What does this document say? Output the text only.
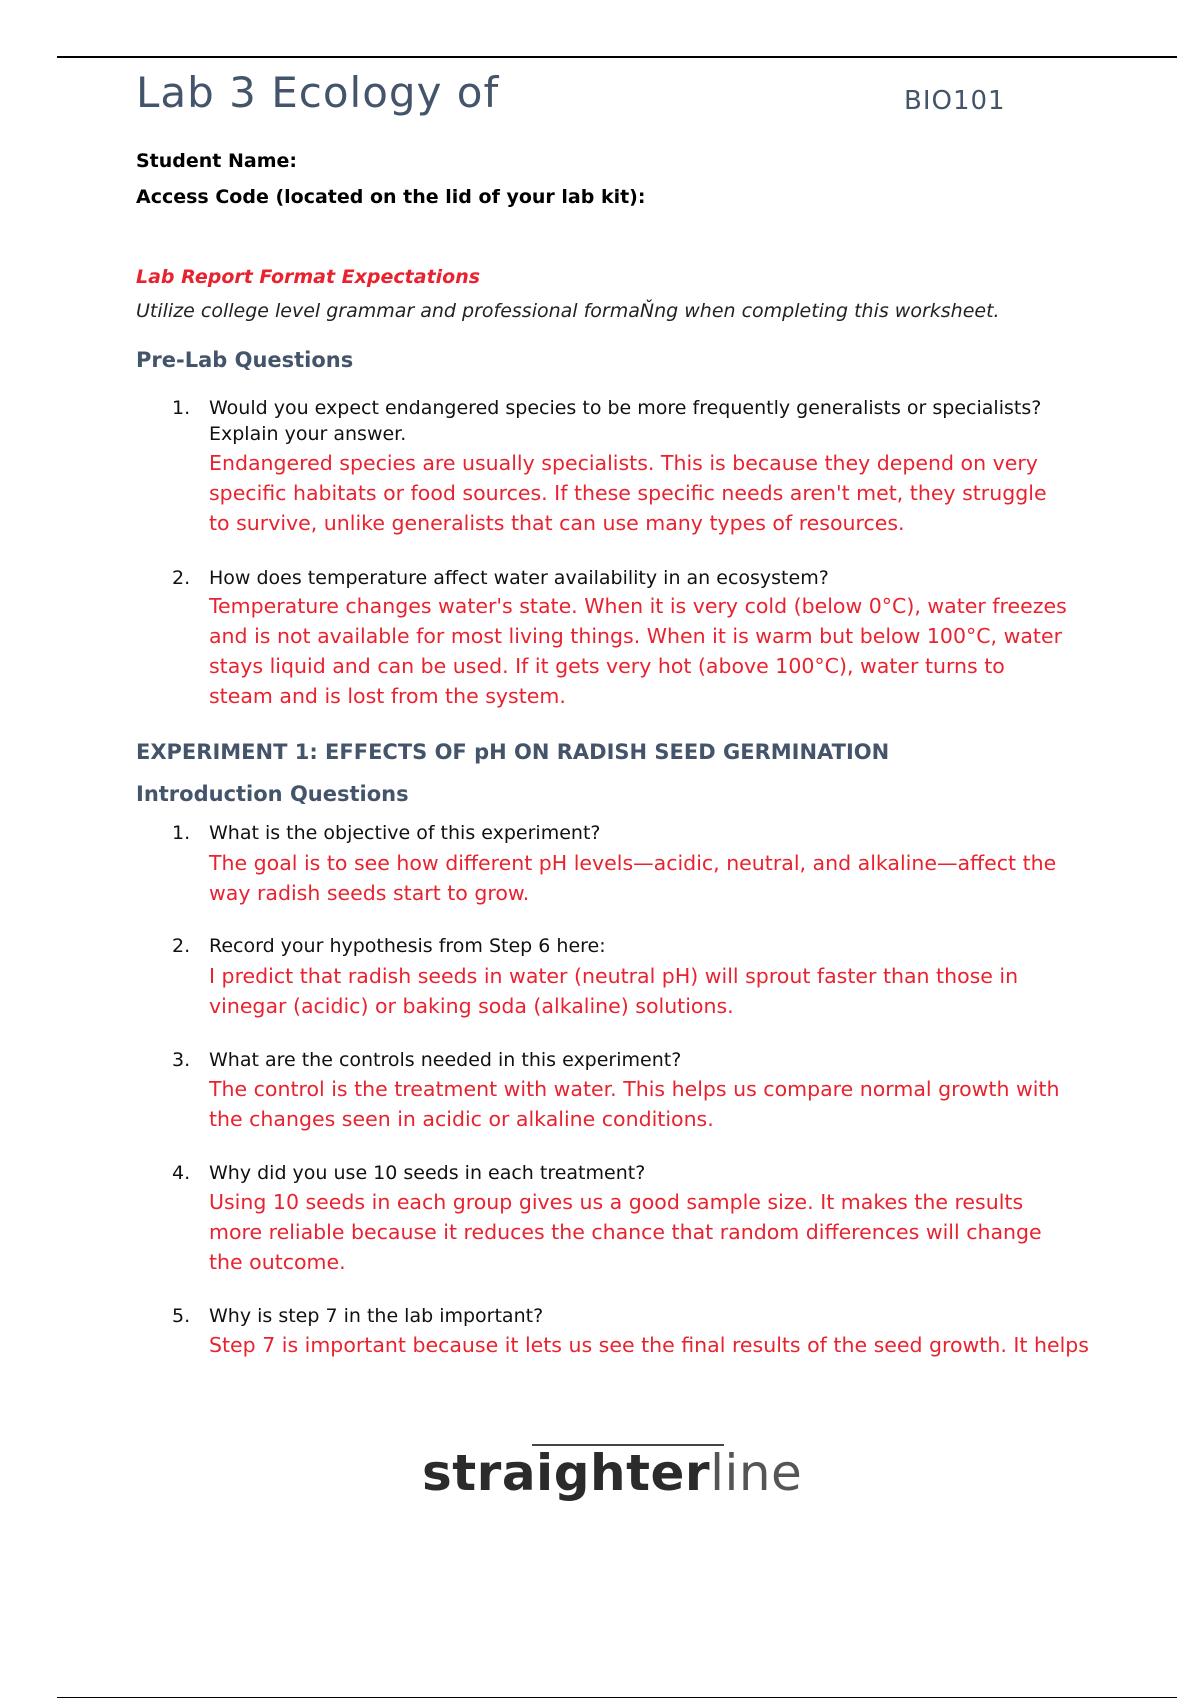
Lab 3 Ecology of	BIO101
Student Name:
Access Code (located on the lid of your lab kit):
Lab Report Format Expectations
Utilize college level grammar and professional formaŇng when completing this worksheet.
Pre-Lab Questions
1. Would you expect endangered species to be more frequently generalists or specialists? Explain your answer.
Endangered species are usually specialists. This is because they depend on very specific habitats or food sources. If these specific needs aren't met, they struggle to survive, unlike generalists that can use many types of resources.
2. How does temperature affect water availability in an ecosystem?
Temperature changes water's state. When it is very cold (below 0°C), water freezes and is not available for most living things. When it is warm but below 100°C, water stays liquid and can be used. If it gets very hot (above 100°C), water turns to steam and is lost from the system.
EXPERIMENT 1: EFFECTS OF pH ON RADISH SEED GERMINATION
Introduction Questions
1. What is the objective of this experiment?
The goal is to see how different pH levels—acidic, neutral, and alkaline—affect the way radish seeds start to grow.
2. Record your hypothesis from Step 6 here:
I predict that radish seeds in water (neutral pH) will sprout faster than those in vinegar (acidic) or baking soda (alkaline) solutions.
3. What are the controls needed in this experiment?
The control is the treatment with water. This helps us compare normal growth with the changes seen in acidic or alkaline conditions.
4. Why did you use 10 seeds in each treatment?
Using 10 seeds in each group gives us a good sample size. It makes the results more reliable because it reduces the chance that random differences will change the outcome.
5. Why is step 7 in the lab important?
Step 7 is important because it lets us see the final results of the seed growth. It helps
straighterline
